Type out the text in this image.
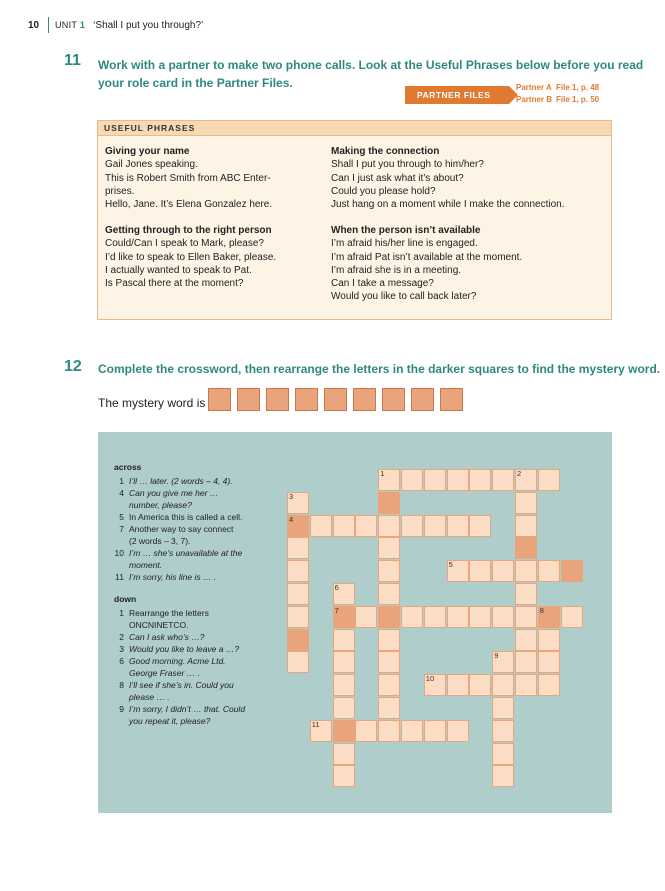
10	UNIT 1 ‘Shall I put you through?’
11 Work with a partner to make two phone calls. Look at the Useful Phrases below before you read
your role card in the Partner Files.
PARTNER FILES
Partner A File 1, p. 48
Partner B File 1, p. 50
USEFUL PHRASES
Giving your name
Gail Jones speaking.
This is Robert Smith from ABC Enter-
prises.
Hello, Jane. It’s Elena Gonzalez here.
Getting through to the right person
Could/Can I speak to Mark, please?
I’d like to speak to Ellen Baker, please.
I actually wanted to speak to Pat.
Is Pascal there at the moment?
Making the connection
Shall I put you through to him/her?
Can I just ask what it’s about?
Could you please hold?
Just hang on a moment while I make the connection.
When the person isn’t available
I’m afraid his/her line is engaged.
I’m afraid Pat isn’t available at the moment.
I’m afraid she is in a meeting.
Can I take a message?
Would you like to call back later?
12 Complete the crossword, then rearrange the letters in the darker squares to find the mystery word.
The mystery word is
across
1 I’ll … later. (2 words – 4, 4).
4 Can you give me her …
number, please?
5 In America this is called a cell.
7 Another way to say connect
(2 words – 3, 7).
10 I’m … she’s unavailable at the
moment.
11 I’m sorry, his line is … .
down
1 Rearrange the letters
ONCNINETCO.
2 Can I ask who’s …?
3 Would you like to leave a …?
6 Good morning. Acme Ltd.
George Fraser … .
8 I’ll see if she’s in. Could you
please … .
9 I’m sorry, I didn’t … that. Could
you repeat it, please?
1	2
3
4
5
6
7	8
9
10
11
